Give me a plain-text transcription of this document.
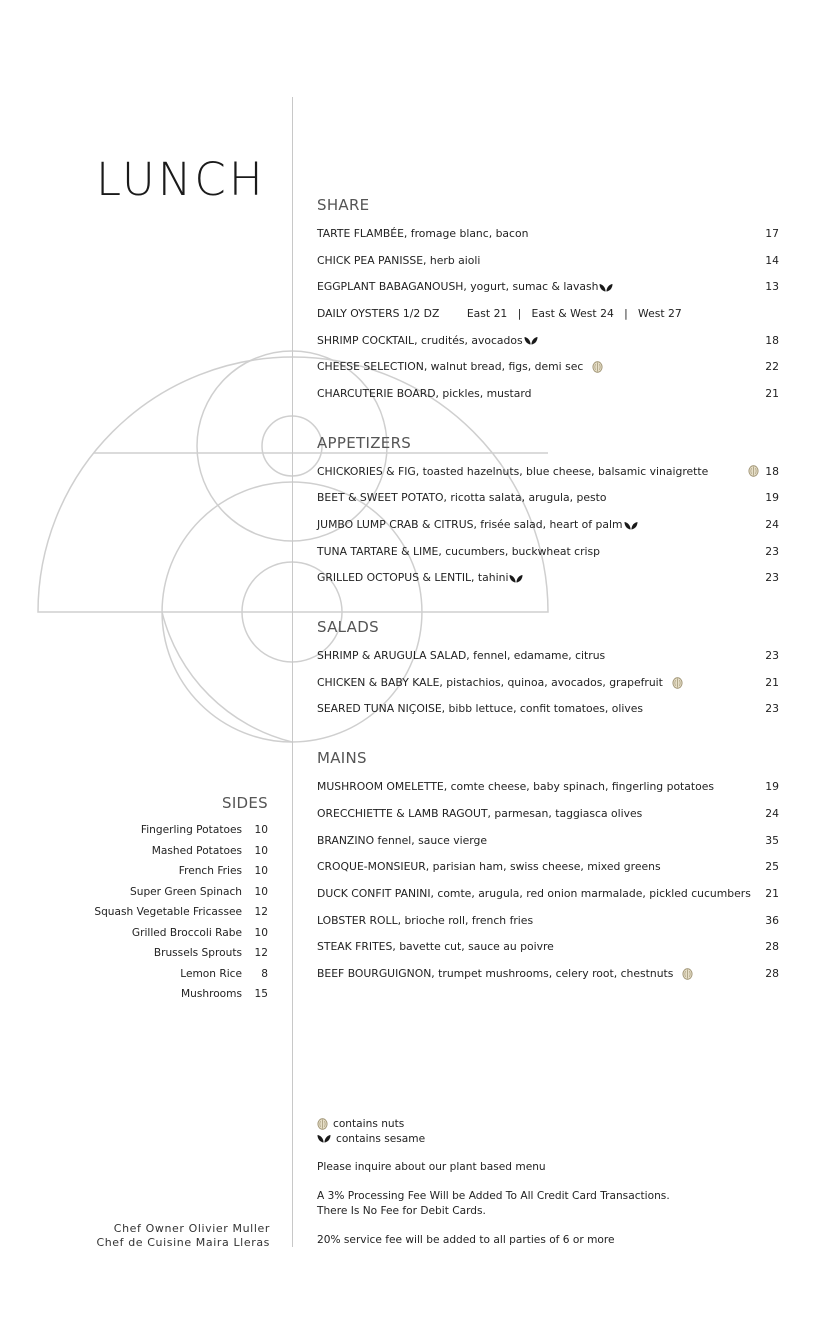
LUNCH	SHARE
TARTE FLAMBÉE, fromage blanc, bacon	17
CHICK PEA PANISSE, herb aioli	14
EGGPLANT BABAGANOUSH, yogurt, sumac & lavash	13
DAILY OYSTERS 1/2 DZ        East 21   |   East & West 24   |   West 27
SHRIMP COCKTAIL, crudités, avocados	18
CHEESE SELECTION, walnut bread, figs, demi sec	22
CHARCUTERIE BOARD, pickles, mustard	21
APPETIZERS
CHICKORIES & FIG, toasted hazelnuts, blue cheese, balsamic vinaigrette	18
BEET & SWEET POTATO, ricotta salata, arugula, pesto	19
JUMBO LUMP CRAB & CITRUS, frisée salad, heart of palm	24
TUNA TARTARE & LIME, cucumbers, buckwheat crisp	23
GRILLED OCTOPUS & LENTIL, tahini	23
SALADS
SHRIMP & ARUGULA SALAD, fennel, edamame, citrus	23
CHICKEN & BABY KALE, pistachios, quinoa, avocados, grapefruit	21
SEARED TUNA NIÇOISE, bibb lettuce, confit tomatoes, olives	23
MAINS
MUSHROOM OMELETTE, comte cheese, baby spinach, fingerling potatoes	19
ORECCHIETTE & LAMB RAGOUT, parmesan, taggiasca olives	24
BRANZINO fennel, sauce vierge	35
CROQUE-MONSIEUR, parisian ham, swiss cheese, mixed greens	25
DUCK CONFIT PANINI, comte, arugula, red onion marmalade, pickled cucumbers 21
LOBSTER ROLL, brioche roll, french fries	36
STEAK FRITES, bavette cut, sauce au poivre	28
BEEF BOURGUIGNON, trumpet mushrooms, celery root, chestnuts	28
SIDES
Fingerling Potatoes	10
Mashed Potatoes	10
French Fries	10
Super Green Spinach	10
Squash Vegetable Fricassee	12
Grilled Broccoli Rabe	10
Brussels Sprouts	12
Lemon Rice	8
Mushrooms	15
contains nuts
contains sesame

Please inquire about our plant based menu

A 3% Processing Fee Will be Added To All Credit Card Transactions.
There Is No Fee for Debit Cards.

20% service fee will be added to all parties of 6 or more

Chef Owner Olivier Muller
Chef de Cuisine Maira Lleras
